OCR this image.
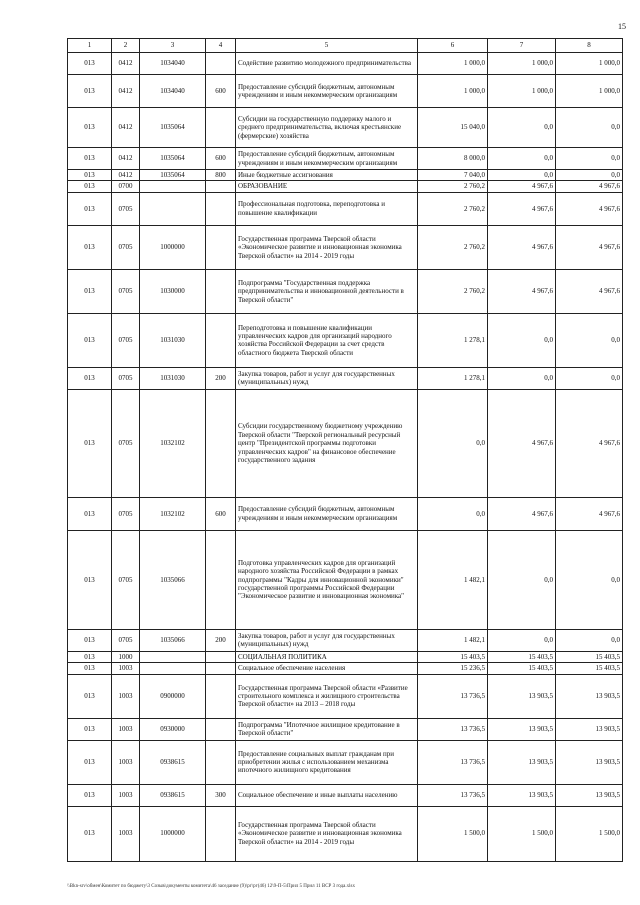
15
1	2	3	4	5	6	7	8
013	0412	1034040		Содействие развитию молодежного предпринимательства	1 000,0	1 000,0	1 000,0
013	0412	1034040	600	Предоставление субсидий бюджетным, автономным учреждениям и иным некоммерческим организациям	1 000,0	1 000,0	1 000,0
013	0412	1035064		Субсидии на государственную поддержку малого и среднего предпринимательства, включая крестьянские (фермерские) хозяйства	15 040,0	0,0	0,0
013	0412	1035064	600	Предоставление субсидий бюджетным, автономным учреждениям и иным некоммерческим организациям	8 000,0	0,0	0,0
013	0412	1035064	800	Иные бюджетные ассигнования	7 040,0	0,0	0,0
013	0700			ОБРАЗОВАНИЕ	2 760,2	4 967,6	4 967,6
013	0705			Профессиональная подготовка, переподготовка и повышение квалификации	2 760,2	4 967,6	4 967,6
013	0705	1000000		Государственная программа Тверской области «Экономическое развитие и инновационная экономика Тверской области» на 2014 - 2019 годы	2 760,2	4 967,6	4 967,6
013	0705	1030000		Подпрограмма "Государственная поддержка предпринимательства и инновационной деятельности в Тверской области"	2 760,2	4 967,6	4 967,6
013	0705	1031030		Переподготовка и повышение квалификации управленческих кадров для организаций народного хозяйства Российской Федерации за счет средств областного бюджета Тверской области	1 278,1	0,0	0,0
013	0705	1031030	200	Закупка товаров, работ и услуг для государственных (муниципальных) нужд	1 278,1	0,0	0,0
013	0705	1032102		Субсидии государственному бюджетному учреждению Тверской области "Тверской региональный ресурсный центр "Президентской программы подготовки управленческих кадров" на финансовое обеспечение государственного задания	0,0	4 967,6	4 967,6
013	0705	1032102	600	Предоставление субсидий бюджетным, автономным учреждениям и иным некоммерческим организациям	0,0	4 967,6	4 967,6
013	0705	1035066		Подготовка управленческих кадров для организаций народного хозяйства Российской Федерации в рамках подпрограммы "Кадры для инновационной экономики" государственной программы Российской Федерации "Экономическое развитие и инновационная экономика"	1 482,1	0,0	0,0
013	0705	1035066	200	Закупка товаров, работ и услуг для государственных (муниципальных) нужд	1 482,1	0,0	0,0
013	1000			СОЦИАЛЬНАЯ ПОЛИТИКА	15 403,5	15 403,5	15 403,5
013	1003			Социальное обеспечение населения	15 236,5	15 403,5	15 403,5
013	1003	0900000		Государственная программа Тверской области «Развитие строительного комплекса и жилищного строительства Тверской области» на 2013 – 2018 годы	13 736,5	13 903,5	13 903,5
013	1003	0930000		Подпрограмма "Ипотечное жилищное кредитование в Тверской области"	13 736,5	13 903,5	13 903,5
013	1003	0938615		Предоставление социальных выплат гражданам при приобретении жилья с использованием механизма ипотечного жилищного кредитования	13 736,5	13 903,5	13 903,5
013	1003	0938615	300	Социальное обеспечение и иные выплаты населению	13 736,5	13 903,5	13 903,5
013	1003	1000000		Государственная программа Тверской области «Экономическое развитие и инновационная экономика Тверской области» на 2014 - 2019 годы	1 500,0	1 500,0	1 500,0
\\Bkn-srv\обмен\Комитет по бюджету\3 Созыв\документы комитета\46 заседание (9)\рг\рг(46) 12\9-П-5\Прил 5 Прил 11 ВСР 3 года.xlsx
